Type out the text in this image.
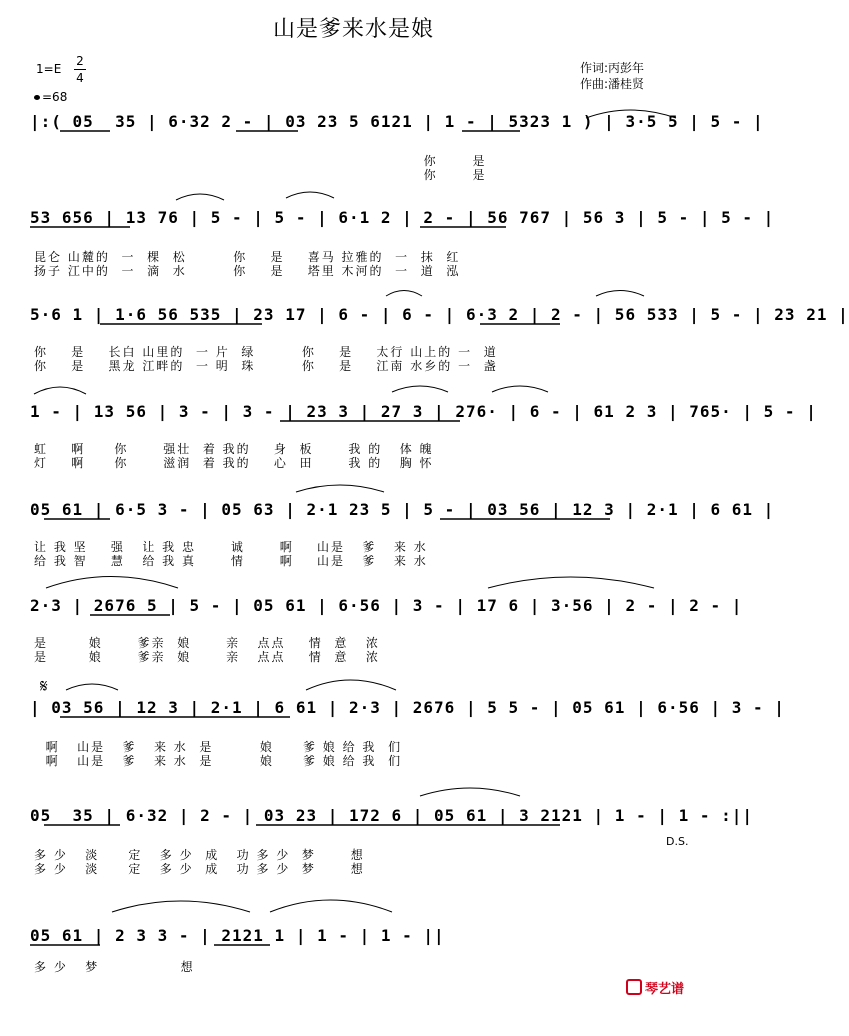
山是爹来水是娘
1=E
2
4
=68
作词:丙彭年
作曲:潘桂贤
|:( 05  35 | 6·32 2 - | 03 23 5 6121 | 1 - | 5323 1 ) | 3·5 5 | 5 - |
你      是
你      是
53 656 | 13 76 | 5 - | 5 - | 6·1 2 | 2 - | 56 767 | 56 3 | 5 - | 5 - |
昆仑 山麓的  一  棵  松        你    是    喜马 拉雅的  一  抹  红
扬子 江中的  一  滴  水        你    是    塔里 木河的  一  道  泓
5·6 1 | 1·6 56 535 | 23 17 | 6 - | 6 - | 6·3 2 | 2 - | 56 533 | 5 - | 23 21 |
你    是    长白 山里的  一 片  绿        你    是    太行 山上的 一  道
你    是    黑龙 江畔的  一 明  珠        你    是    江南 水乡的 一  盏
1 - | 13 56 | 3 - | 3 - | 23 3 | 27 3 | 276· | 6 - | 61 2 3 | 765· | 5 - |
虹    啊     你      强壮  着 我的    身  板      我 的   体 魄
灯    啊     你      滋润  着 我的    心  田      我 的   胸 怀
05 61 | 6·5 3 - | 05 63 | 2·1 23 5 | 5 - | 03 56 | 12 3 | 2·1 | 6 61 |
让 我 坚    强   让 我 忠      诚      啊    山是   爹   来 水
给 我 智    慧   给 我 真      情      啊    山是   爹   来 水
2·3 | 2676 5 | 5 - | 05 61 | 6·56 | 3 - | 17 6 | 3·56 | 2 - | 2 - |
是       娘      爹亲  娘      亲   点点    情  意   浓
是       娘      爹亲  娘      亲   点点    情  意   浓
𝄋
| 03 56 | 12 3 | 2·1 | 6 61 | 2·3 | 2676 | 5 5 - | 05 61 | 6·56 | 3 - |
啊   山是   爹   来 水  是        娘     爹 娘 给 我  们
啊   山是   爹   来 水  是        娘     爹 娘 给 我  们
05  35 | 6·32 | 2 - | 03 23 | 172 6 | 05 61 | 3 2121 | 1 - | 1 - :||
多 少   淡     定   多 少  成   功 多 少  梦      想
多 少   淡     定   多 少  成   功 多 少  梦      想
D.S.
05 61 | 2 3 3 - | 2121 1 | 1 - | 1 - ||
多 少   梦              想
琴艺谱
